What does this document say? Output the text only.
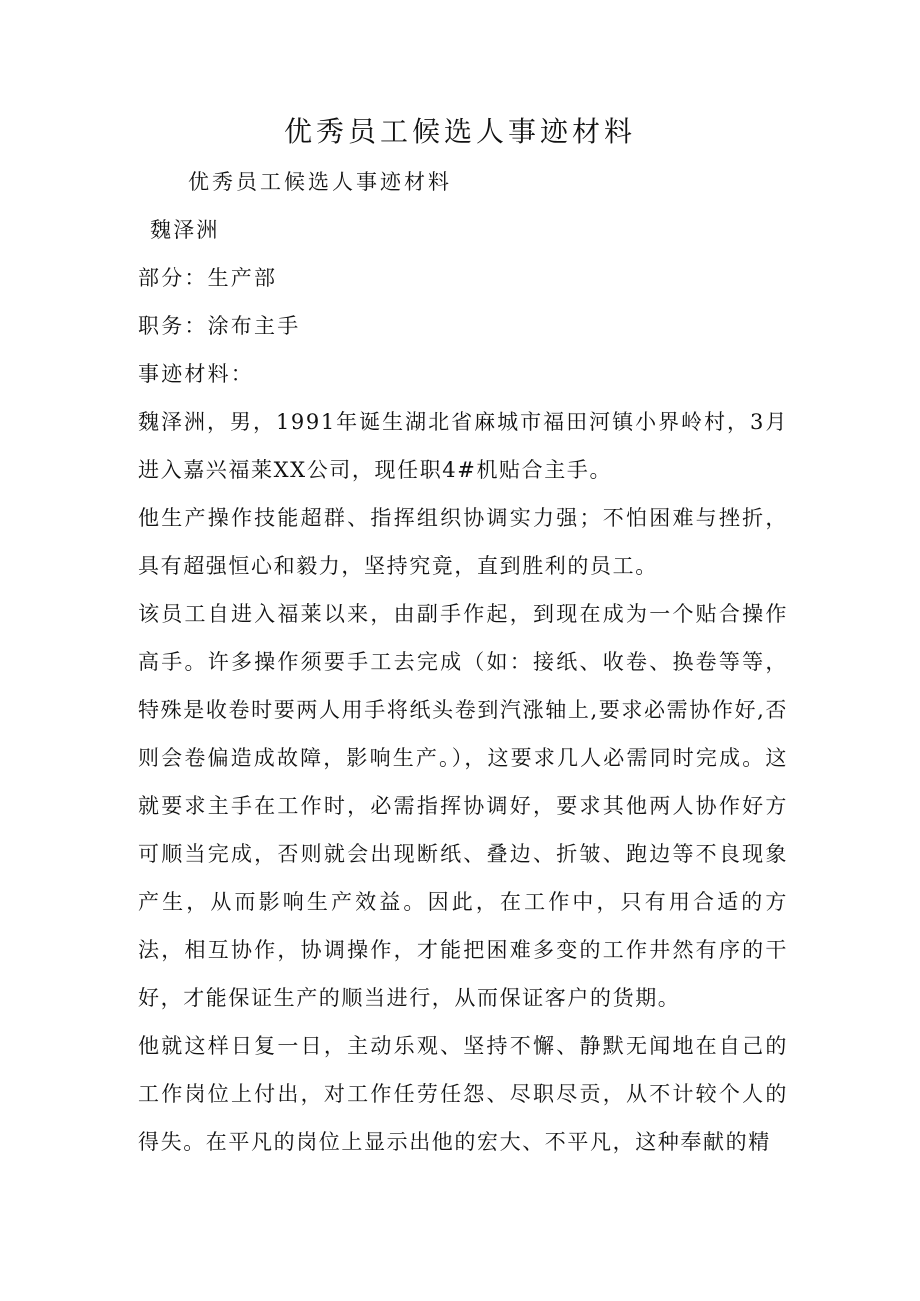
优秀员工候选人事迹材料

优秀员工候选人事迹材料

魏泽洲

部分：生产部

职务：涂布主手

事迹材料：

魏泽洲，男，1991年诞生湖北省麻城市福田河镇小界岭村，3月进入嘉兴福莱XX公司，现任职4#机贴合主手。

他生产操作技能超群、指挥组织协调实力强；不怕困难与挫折，具有超强恒心和毅力，坚持究竟，直到胜利的员工。

该员工自进入福莱以来，由副手作起，到现在成为一个贴合操作高手。许多操作须要手工去完成（如：接纸、收卷、换卷等等，特殊是收卷时要两人用手将纸头卷到汽涨轴上,要求必需协作好,否则会卷偏造成故障，影响生产。），这要求几人必需同时完成。这就要求主手在工作时，必需指挥协调好，要求其他两人协作好方可顺当完成，否则就会出现断纸、叠边、折皱、跑边等不良现象产生，从而影响生产效益。因此，在工作中，只有用合适的方法，相互协作，协调操作，才能把困难多变的工作井然有序的干好，才能保证生产的顺当进行，从而保证客户的货期。

他就这样日复一日，主动乐观、坚持不懈、静默无闻地在自己的工作岗位上付出，对工作任劳任怨、尽职尽贡，从不计较个人的得失。在平凡的岗位上显示出他的宏大、不平凡，这种奉献的精
